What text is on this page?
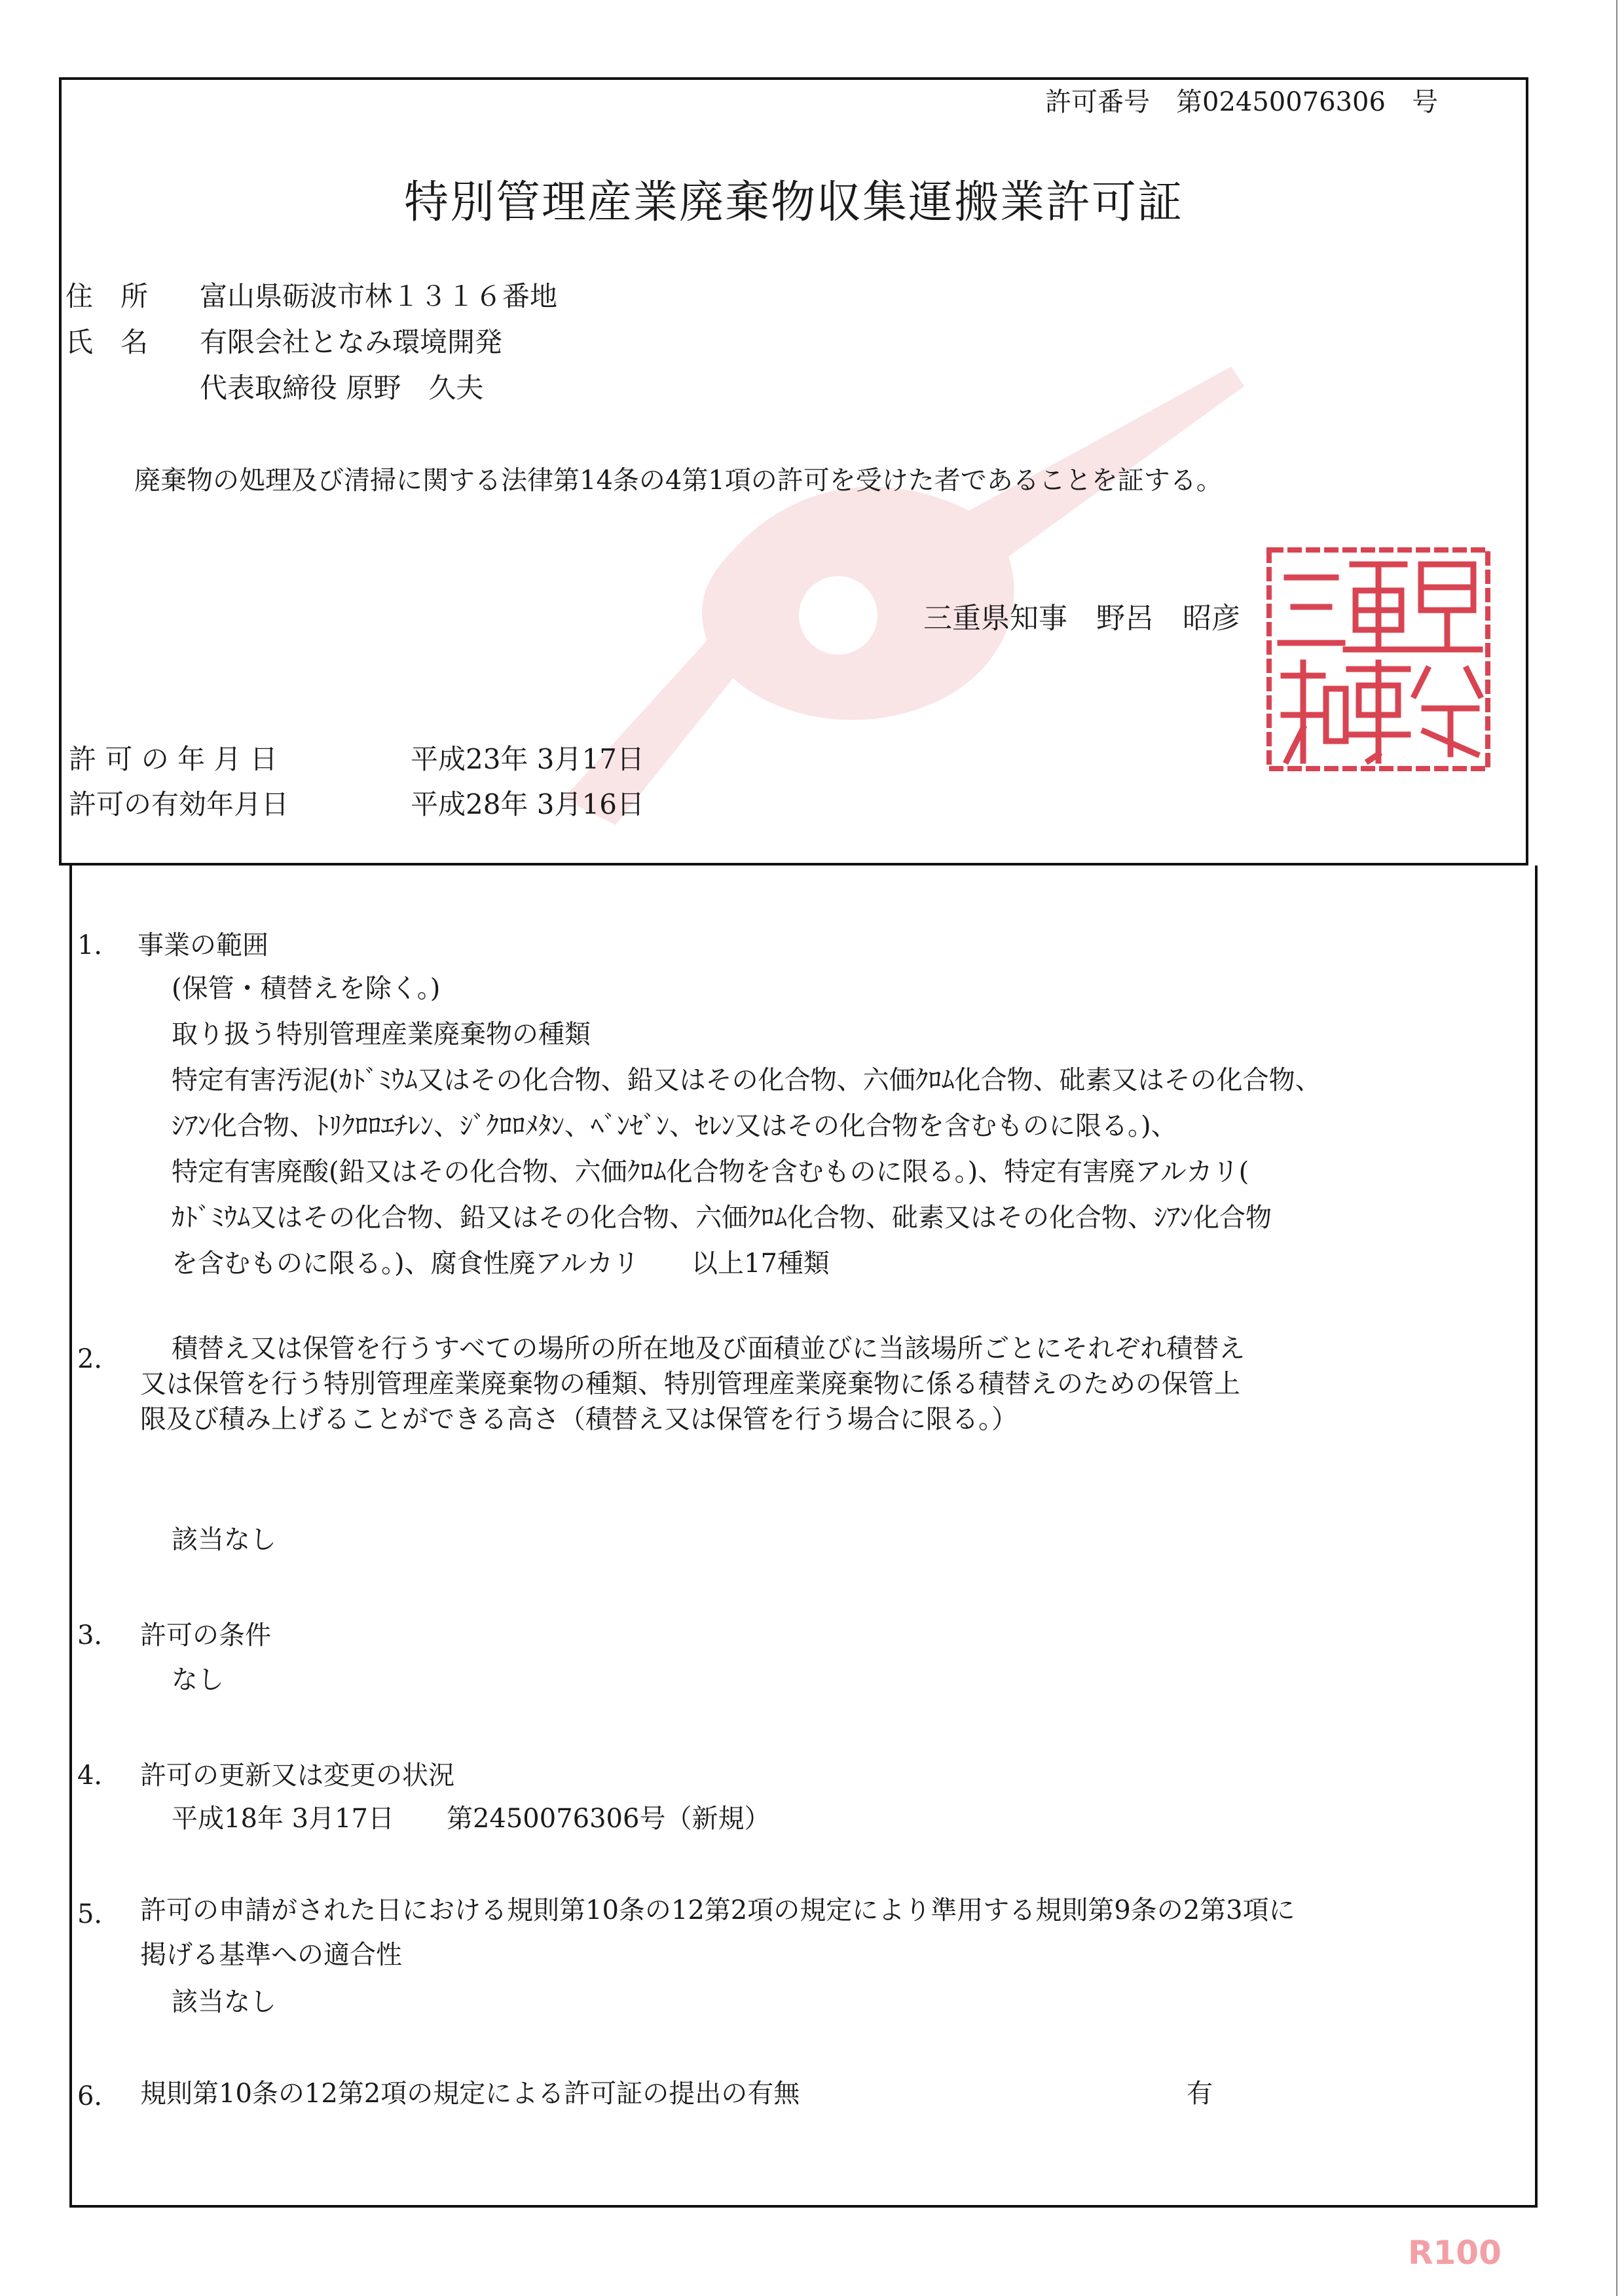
許可番号　第02450076306　号
特別管理産業廃棄物収集運搬業許可証
住　所 富山県砺波市林１３１６番地
氏　名 有限会社となみ環境開発
代表取締役 原野　久夫
廃棄物の処理及び清掃に関する法律第14条の4第1項の許可を受けた者であることを証する。
三重県知事　野呂　昭彦
許 可 の 年 月 日	平成23年 3月17日
許可の有効年月日	平成28年 3月16日
1． 事業の範囲
(保管・積替えを除く。)
取り扱う特別管理産業廃棄物の種類
特定有害汚泥(ｶﾄﾞﾐｳﾑ又はその化合物、鉛又はその化合物、六価ｸﾛﾑ化合物、砒素又はその化合物、
ｼｱﾝ化合物、ﾄﾘｸﾛﾛｴﾁﾚﾝ、ｼﾞｸﾛﾛﾒﾀﾝ、ﾍﾞﾝｾﾞﾝ、ｾﾚﾝ又はその化合物を含むものに限る。)、
特定有害廃酸(鉛又はその化合物、六価ｸﾛﾑ化合物を含むものに限る。)、特定有害廃アルカリ(
ｶﾄﾞﾐｳﾑ又はその化合物、鉛又はその化合物、六価ｸﾛﾑ化合物、砒素又はその化合物、ｼｱﾝ化合物
を含むものに限る。)、腐食性廃アルカリ　　以上17種類
2． 積替え又は保管を行うすべての場所の所在地及び面積並びに当該場所ごとにそれぞれ積替え
又は保管を行う特別管理産業廃棄物の種類、特別管理産業廃棄物に係る積替えのための保管上
限及び積み上げることができる高さ（積替え又は保管を行う場合に限る。）
該当なし
3． 許可の条件
なし
4． 許可の更新又は変更の状況
平成18年 3月17日　　第2450076306号（新規）
5． 許可の申請がされた日における規則第10条の12第2項の規定により準用する規則第9条の2第3項に
掲げる基準への適合性
該当なし
6． 規則第10条の12第2項の規定による許可証の提出の有無	有
R100
